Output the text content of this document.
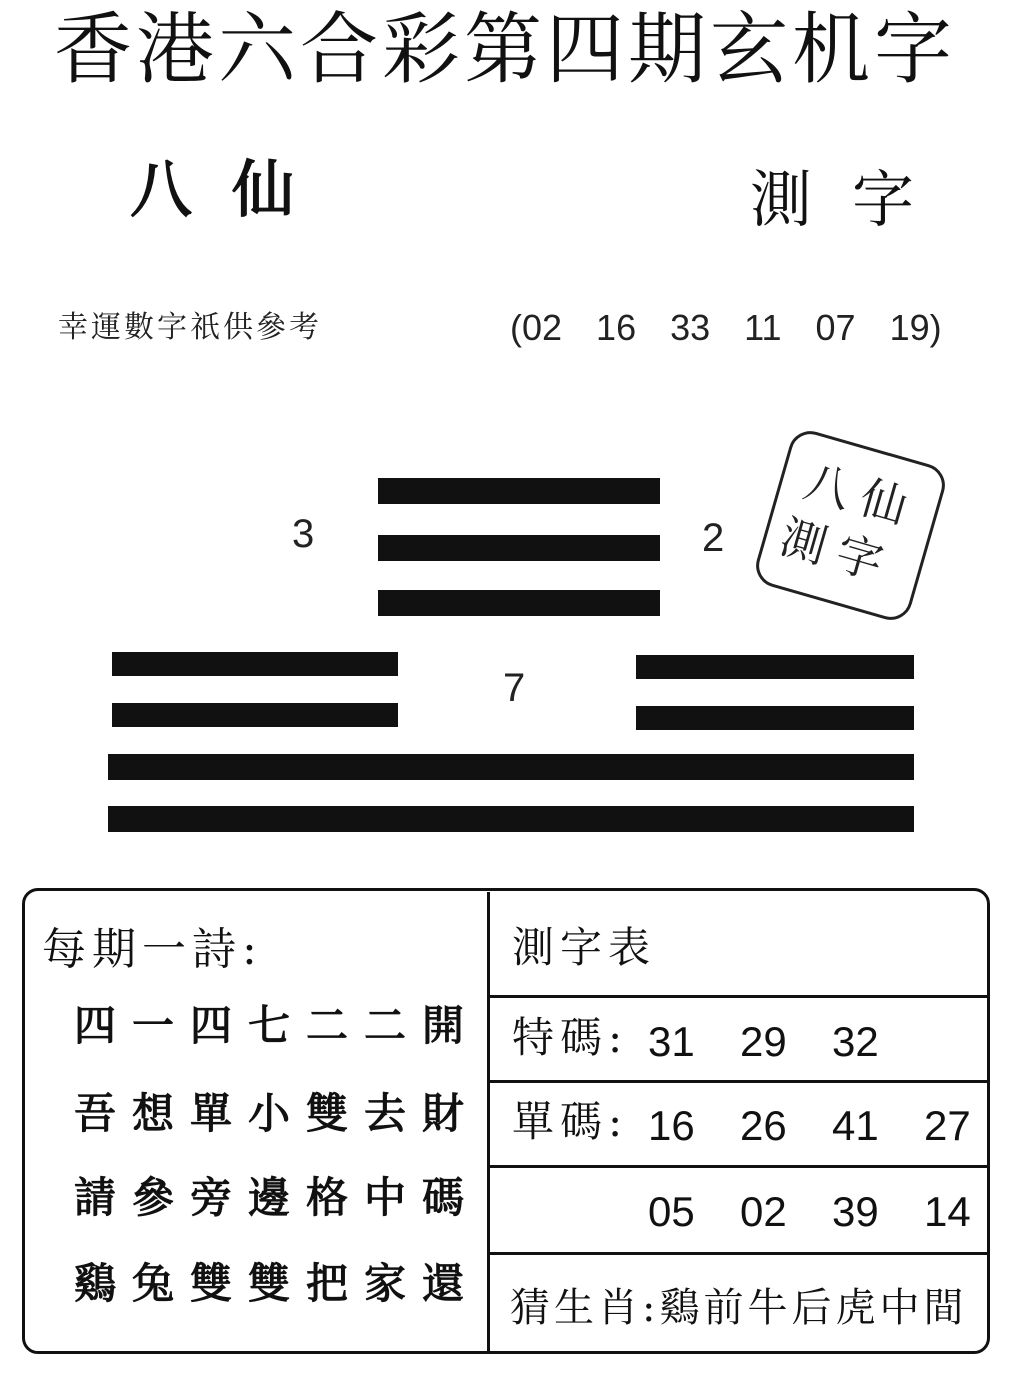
香港六合彩第四期玄机字
八仙	測字
幸運數字祇供參考	(02 16 33 11 07 19)
3	2
7
八仙
測字
每期一詩:
四一四七二二開
吾想單小雙去財
請參旁邊格中碼
鷄兔雙雙把家還
測字表
特碼: 31 29 32
單碼: 16 26 41 27
05 02 39 14
猜生肖:鷄前牛后虎中間
